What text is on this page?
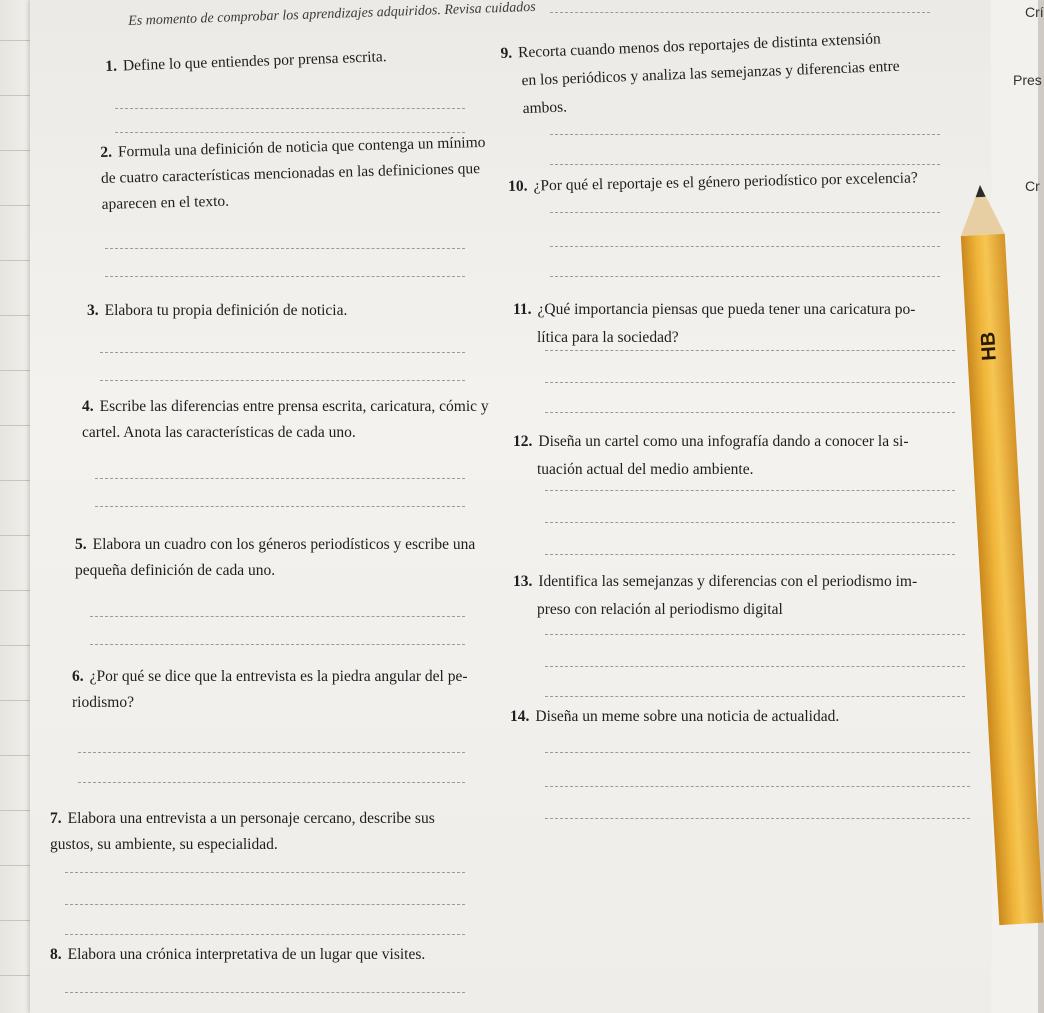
Crí
Pres
Cr
Es momento de comprobar los aprendizajes adquiridos. Revisa cuidados
1. Define lo que entiendes por prensa escrita.
2. Formula una definición de noticia que contenga un mínimo
de cuatro características mencionadas en las definiciones que
aparecen en el texto.
3. Elabora tu propia definición de noticia.
4. Escribe las diferencias entre prensa escrita, caricatura, cómic y
cartel. Anota las características de cada uno.
5. Elabora un cuadro con los géneros periodísticos y escribe una
pequeña definición de cada uno.
6. ¿Por qué se dice que la entrevista es la piedra angular del pe-
riodismo?
7. Elabora una entrevista a un personaje cercano, describe sus
gustos, su ambiente, su especialidad.
8. Elabora una crónica interpretativa de un lugar que visites.
9. Recorta cuando menos dos reportajes de distinta extensión
en los periódicos y analiza las semejanzas y diferencias entre
ambos.
10. ¿Por qué el reportaje es el género periodístico por excelencia?
11. ¿Qué importancia piensas que pueda tener una caricatura po-
lítica para la sociedad?
12. Diseña un cartel como una infografía dando a conocer la si-
tuación actual del medio ambiente.
13. Identifica las semejanzas y diferencias con el periodismo im-
preso con relación al periodismo digital
14. Diseña un meme sobre una noticia de actualidad.
HB
